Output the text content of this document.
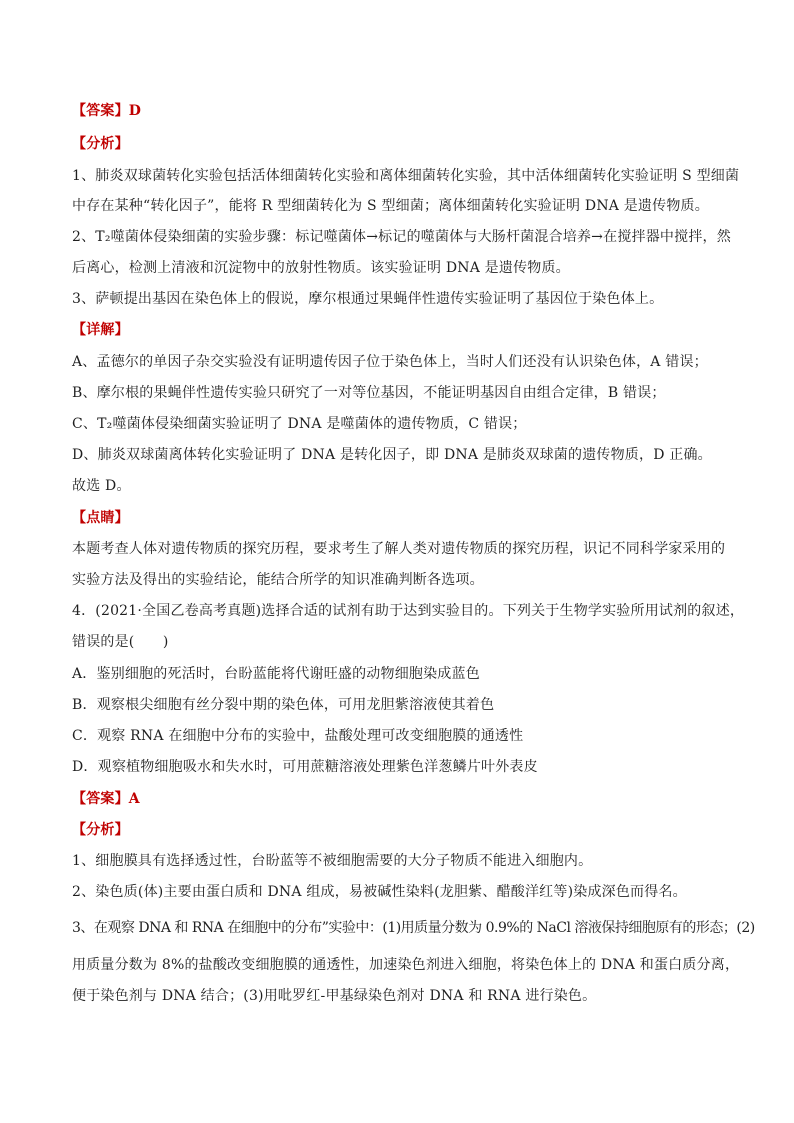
【答案】D
【分析】
1、肺炎双球菌转化实验包括活体细菌转化实验和离体细菌转化实验，其中活体细菌转化实验证明 S 型细菌
中存在某种“转化因子”，能将 R 型细菌转化为 S 型细菌；离体细菌转化实验证明 DNA 是遗传物质。
2、T₂噬菌体侵染细菌的实验步骤：标记噬菌体→标记的噬菌体与大肠杆菌混合培养→在搅拌器中搅拌，然
后离心，检测上清液和沉淀物中的放射性物质。该实验证明 DNA 是遗传物质。
3、萨顿提出基因在染色体上的假说，摩尔根通过果蝇伴性遗传实验证明了基因位于染色体上。
【详解】
A、孟德尔的单因子杂交实验没有证明遗传因子位于染色体上，当时人们还没有认识染色体，A 错误；
B、摩尔根的果蝇伴性遗传实验只研究了一对等位基因，不能证明基因自由组合定律，B 错误；
C、T₂噬菌体侵染细菌实验证明了 DNA 是噬菌体的遗传物质，C 错误；
D、肺炎双球菌离体转化实验证明了 DNA 是转化因子，即 DNA 是肺炎双球菌的遗传物质，D 正确。
故选 D。
【点睛】
本题考查人体对遗传物质的探究历程，要求考生了解人类对遗传物质的探究历程，识记不同科学家采用的
实验方法及得出的实验结论，能结合所学的知识准确判断各选项。
4．(2021·全国乙卷高考真题)选择合适的试剂有助于达到实验目的。下列关于生物学实验所用试剂的叙述，
错误的是(　　)
A．鉴别细胞的死活时，台盼蓝能将代谢旺盛的动物细胞染成蓝色
B．观察根尖细胞有丝分裂中期的染色体，可用龙胆紫溶液使其着色
C．观察 RNA 在细胞中分布的实验中，盐酸处理可改变细胞膜的通透性
D．观察植物细胞吸水和失水时，可用蔗糖溶液处理紫色洋葱鳞片叶外表皮
【答案】A
【分析】
1、细胞膜具有选择透过性，台盼蓝等不被细胞需要的大分子物质不能进入细胞内。
2、染色质(体)主要由蛋白质和 DNA 组成，易被碱性染料(龙胆紫、醋酸洋红等)染成深色而得名。
3、在观察 DNA 和 RNA 在细胞中的分布”实验中：(1)用质量分数为 0.9%的 NaCl 溶液保持细胞原有的形态；(2)
用质量分数为 8%的盐酸改变细胞膜的通透性，加速染色剂进入细胞，将染色体上的 DNA 和蛋白质分离，
便于染色剂与 DNA 结合；(3)用吡罗红-甲基绿染色剂对 DNA 和 RNA 进行染色。
